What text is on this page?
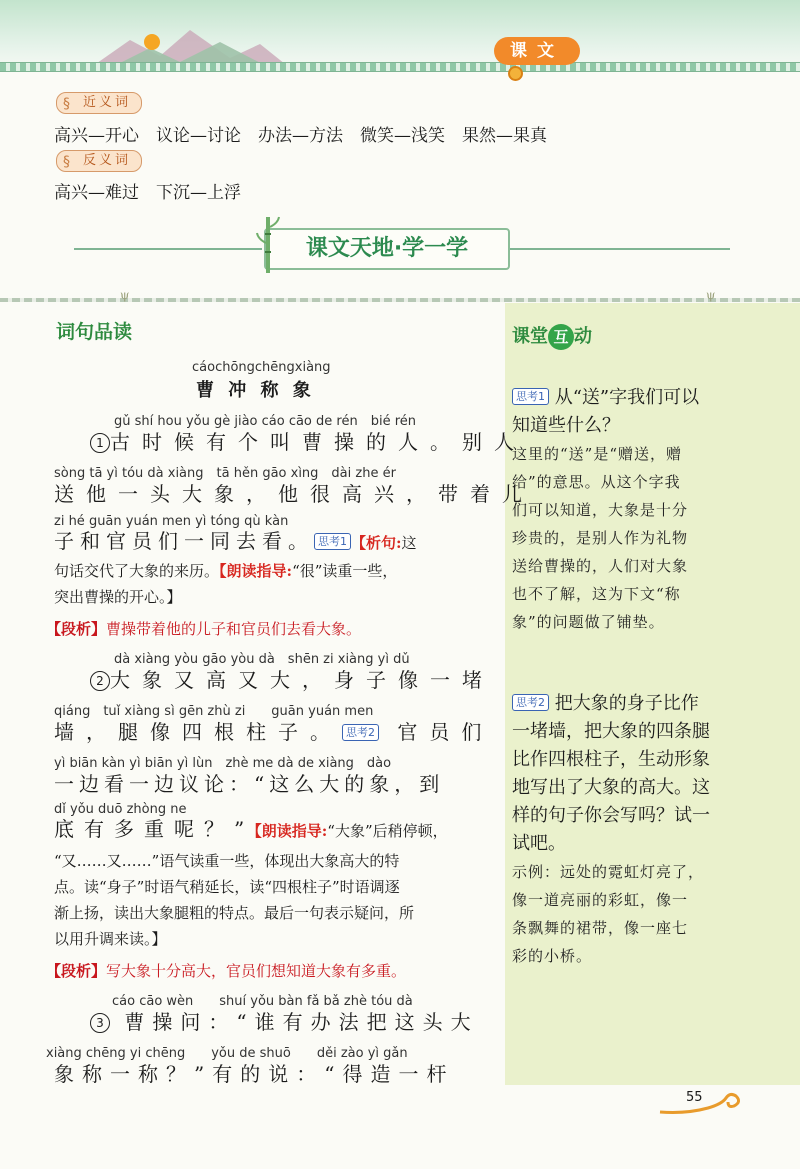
课文
§ 近义词
高兴—开心　议论—讨论　办法—方法　微笑—浅笑　果然—果真
§ 反义词
高兴—难过　下沉—上浮
课文天地·学一学
ψ	ψ
课堂 互 动
思考1 从“送”字我们可以
知道些什么？
这里的“送”是“赠送，赠
给”的意思。从这个字我
们可以知道，大象是十分
珍贵的，是别人作为礼物
送给曹操的，人们对大象
也不了解，这为下文“称
象”的问题做了铺垫。
思考2 把大象的身子比作
一堵墙，把大象的四条腿
比作四根柱子，生动形象
地写出了大象的高大。这
样的句子你会写吗？试一
试吧。
示例：远处的霓虹灯亮了，
像一道亮丽的彩虹，像一
条飘舞的裙带，像一座七
彩的小桥。
词句品读
cáochōngchēngxiàng
曹 冲 称 象
gǔ shí hou yǒu gè jiào cáo cāo de rén　bié rén
1 古时候有个叫曹操的人。别人
sòng tā yì tóu dà xiàng　tā hěn gāo xìng　dài zhe ér
送他一头大象，他很高兴，带着儿
zi hé guān yuán men yì tóng qù kàn
子和官员们一同去看。 思考1 【析句:这
句话交代了大象的来历。【朗读指导:“很”读重一些，
突出曹操的开心。】
【段析】曹操带着他的儿子和官员们去看大象。
dà xiàng yòu gāo yòu dà　shēn zi xiàng yì dǔ
2 大象又高又大，身子像一堵
qiáng　tuǐ xiàng sì gēn zhù zi　　guān yuán men
墙，腿像四根柱子。 思考2 官员们
yì biān kàn yì biān yì lùn　zhè me dà de xiàng　dào
一边看一边议论：“这么大的象，到
dǐ yǒu duō zhòng ne
底有多重呢？”【朗读指导:“大象”后稍停顿，
“又……又……”语气读重一些，体现出大象高大的特
点。读“身子”时语气稍延长，读“四根柱子”时语调逐
渐上扬，读出大象腿粗的特点。最后一句表示疑问，所
以用升调来读。】
【段析】写大象十分高大，官员们想知道大象有多重。
cáo cāo wèn　　shuí yǒu bàn fǎ bǎ zhè tóu dà
3 曹操问：“谁有办法把这头大
xiàng chēng yi chēng　　yǒu de shuō　　děi zào yì gǎn
象称一称？”有的说：“得造一杆
55
